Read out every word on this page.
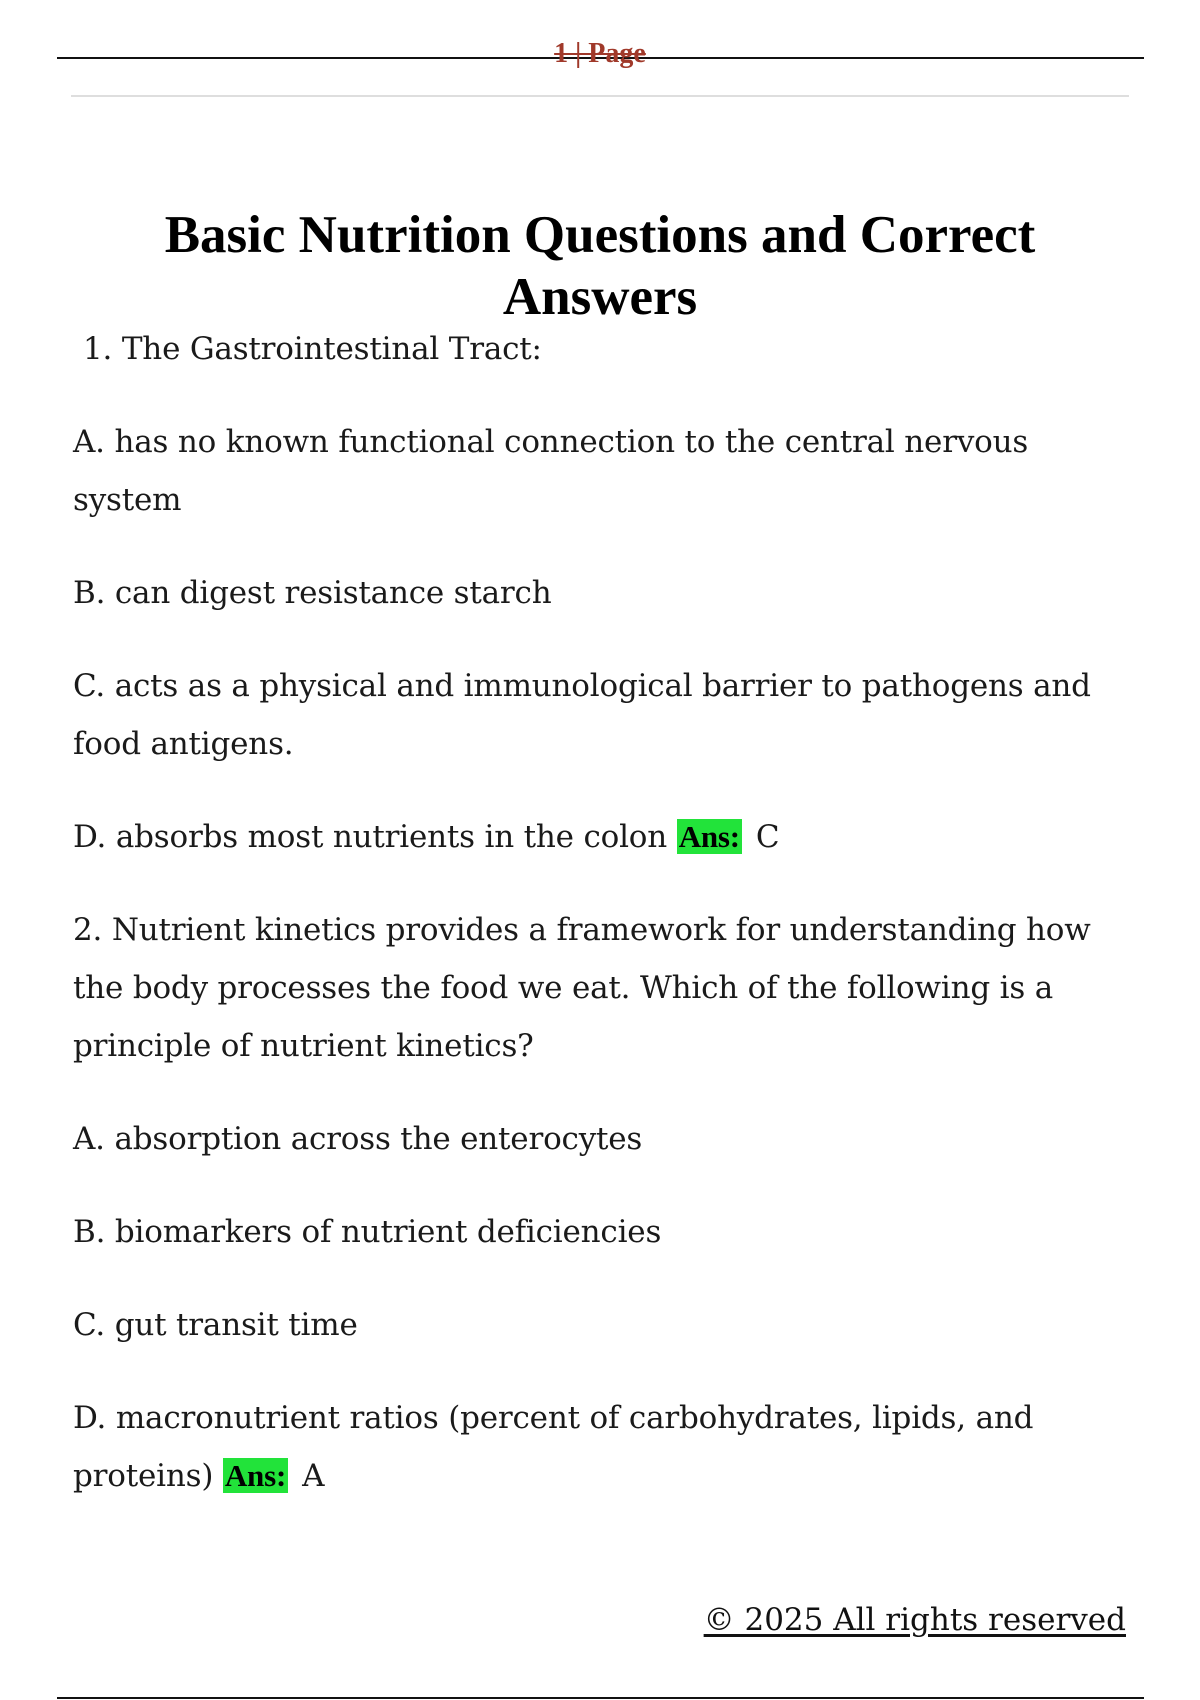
1 | Page
Basic Nutrition Questions and Correct Answers

1. The Gastrointestinal Tract:

A. has no known functional connection to the central nervous system

B. can digest resistance starch

C. acts as a physical and immunological barrier to pathogens and food antigens.

D. absorbs most nutrients in the colon Ans: C

2. Nutrient kinetics provides a framework for understanding how the body processes the food we eat. Which of the following is a principle of nutrient kinetics?

A. absorption across the enterocytes

B. biomarkers of nutrient deficiencies

C. gut transit time

D. macronutrient ratios (percent of carbohydrates, lipids, and proteins) Ans: A

© 2025 All rights reserved
